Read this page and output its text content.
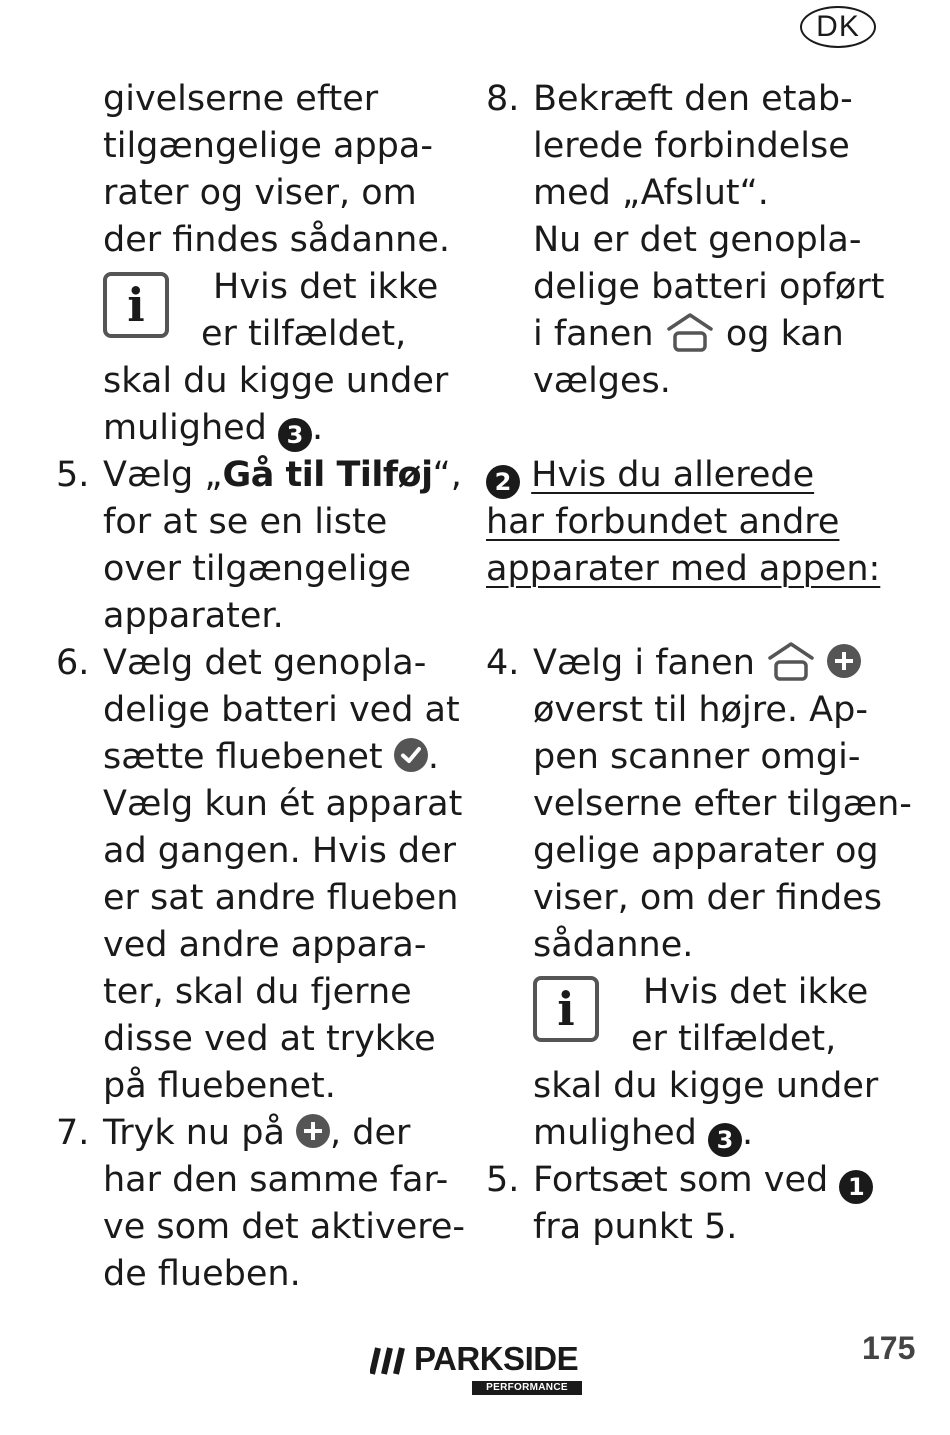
DK
givelserne efter
tilgængelige appa-
rater og viser, om
der findes sådanne.
i	Hvis det ikke
er tilfældet,
skal du kigge under
mulighed 3 .
5. Vælg „Gå til Tilføj“,
for at se en liste
over tilgængelige
apparater.
6. Vælg det genopla-
delige batteri ved at
sætte fluebenet .
Vælg kun ét apparat
ad gangen. Hvis der
er sat andre flueben
ved andre appara-
ter, skal du fjerne
disse ved at trykke
på fluebenet.
7. Tryk nu på , der
har den samme far-
ve som det aktivere-
de flueben.
8. Bekræft den etab-
lerede forbindelse
med „Afslut“.
Nu er det genopla-
delige batteri opført
i fanen og kan
vælges.
2 Hvis du allerede
har forbundet andre
apparater med appen:
4. Vælg i fanen
øverst til højre. Ap-
pen scanner omgi-
velserne efter tilgæn-
gelige apparater og
viser, om der findes
sådanne.
i	Hvis det ikke
er tilfældet,
skal du kigge under
mulighed 3 .
5. Fortsæt som ved 1
fra punkt 5.
PARKSIDE
PERFORMANCE
175
